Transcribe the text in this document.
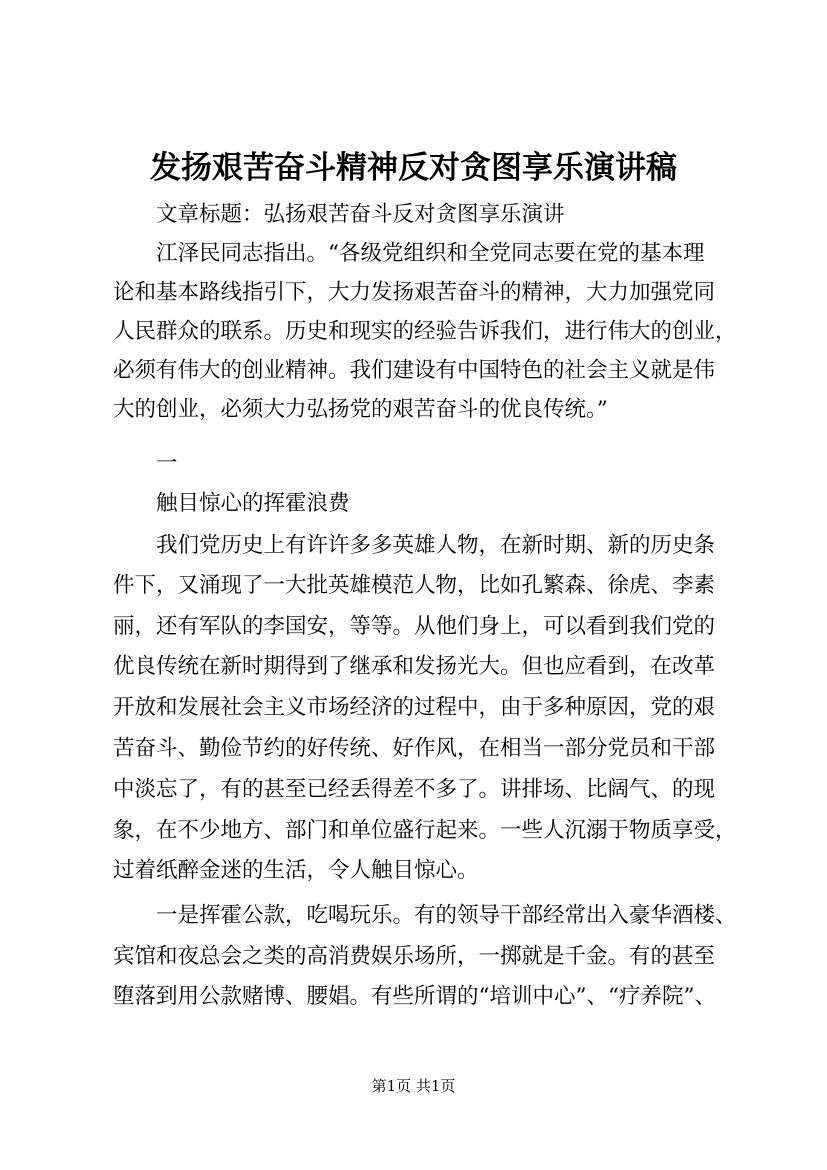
发扬艰苦奋斗精神反对贪图享乐演讲稿
文章标题：弘扬艰苦奋斗反对贪图享乐演讲
江泽民同志指出。“各级党组织和全党同志要在党的基本理
论和基本路线指引下，大力发扬艰苦奋斗的精神，大力加强党同
人民群众的联系。历史和现实的经验告诉我们，进行伟大的创业，
必须有伟大的创业精神。我们建设有中国特色的社会主义就是伟
大的创业，必须大力弘扬党的艰苦奋斗的优良传统。”
一
触目惊心的挥霍浪费
我们党历史上有许许多多英雄人物，在新时期、新的历史条
件下，又涌现了一大批英雄模范人物，比如孔繁森、徐虎、李素
丽，还有军队的李国安，等等。从他们身上，可以看到我们党的
优良传统在新时期得到了继承和发扬光大。但也应看到，在改革
开放和发展社会主义市场经济的过程中，由于多种原因，党的艰
苦奋斗、勤俭节约的好传统、好作风，在相当一部分党员和干部
中淡忘了，有的甚至已经丢得差不多了。讲排场、比阔气、的现
象，在不少地方、部门和单位盛行起来。一些人沉溺于物质享受，
过着纸醉金迷的生活，令人触目惊心。
一是挥霍公款，吃喝玩乐。有的领导干部经常出入豪华酒楼、
宾馆和夜总会之类的高消费娱乐场所，一掷就是千金。有的甚至
堕落到用公款赌博、腰娼。有些所谓的“培训中心”、“疗养院”、
第1页 共1页
